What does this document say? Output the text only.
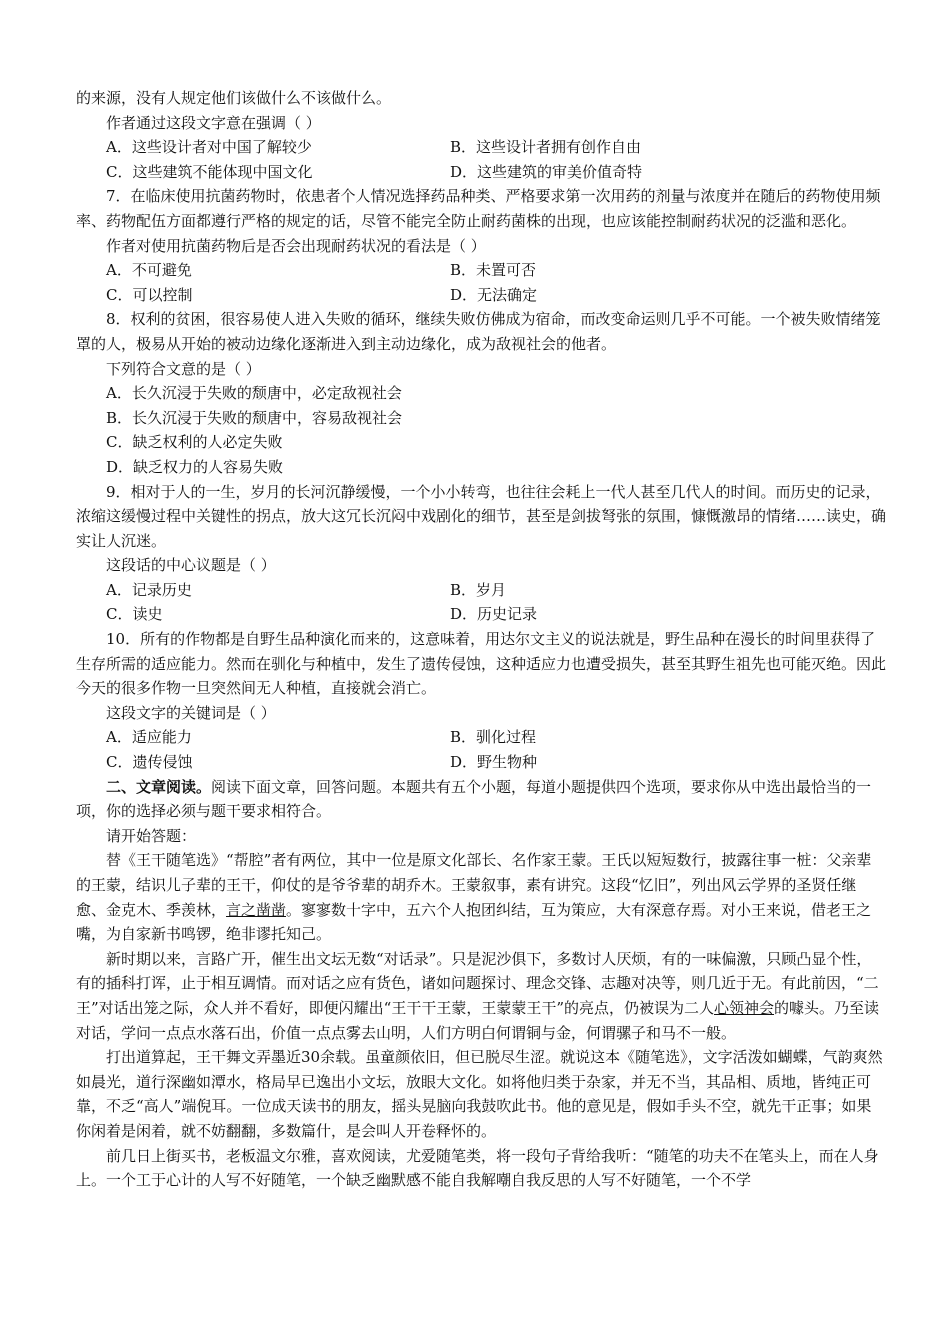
的来源，没有人规定他们该做什么不该做什么。

作者通过这段文字意在强调（ ）

A．这些设计者对中国了解较少	B．这些设计者拥有创作自由
C．这些建筑不能体现中国文化	D．这些建筑的审美价值奇特

7．在临床使用抗菌药物时，依患者个人情况选择药品种类、严格要求第一次用药的剂量与浓度并在随后的药物使用频率、药物配伍方面都遵行严格的规定的话，尽管不能完全防止耐药菌株的出现，也应该能控制耐药状况的泛滥和恶化。

作者对使用抗菌药物后是否会出现耐药状况的看法是（ ）

A．不可避免	B．未置可否
C．可以控制	D．无法确定

8．权利的贫困，很容易使人进入失败的循环，继续失败仿佛成为宿命，而改变命运则几乎不可能。一个被失败情绪笼罩的人，极易从开始的被动边缘化逐渐进入到主动边缘化，成为敌视社会的他者。

下列符合文意的是（ ）

A．长久沉浸于失败的颓唐中，必定敌视社会
B．长久沉浸于失败的颓唐中，容易敌视社会
C．缺乏权利的人必定失败
D．缺乏权力的人容易失败

9．相对于人的一生，岁月的长河沉静缓慢，一个小小转弯，也往往会耗上一代人甚至几代人的时间。而历史的记录，浓缩这缓慢过程中关键性的拐点，放大这冗长沉闷中戏剧化的细节，甚至是剑拔弩张的氛围，慷慨激昂的情绪……读史，确实让人沉迷。

这段话的中心议题是（ ）

A．记录历史	B．岁月
C．读史	D．历史记录

10．所有的作物都是自野生品种演化而来的，这意味着，用达尔文主义的说法就是，野生品种在漫长的时间里获得了生存所需的适应能力。然而在驯化与种植中，发生了遗传侵蚀，这种适应力也遭受损失，甚至其野生祖先也可能灭绝。因此今天的很多作物一旦突然间无人种植，直接就会消亡。

这段文字的关键词是（ ）

A．适应能力	B．驯化过程
C．遗传侵蚀	D．野生物种

二、文章阅读。阅读下面文章，回答问题。本题共有五个小题，每道小题提供四个选项，要求你从中选出最恰当的一项，你的选择必须与题干要求相符合。

请开始答题：

替《王干随笔选》“帮腔”者有两位，其中一位是原文化部长、名作家王蒙。王氏以短短数行，披露往事一桩：父亲辈的王蒙，结识儿子辈的王干，仰仗的是爷爷辈的胡乔木。王蒙叙事，素有讲究。这段“忆旧”，列出风云学界的圣贤任继愈、金克木、季羡林，言之凿凿。寥寥数十字中，五六个人抱团纠结，互为策应，大有深意存焉。对小王来说，借老王之嘴，为自家新书鸣锣，绝非谬托知己。

新时期以来，言路广开，催生出文坛无数“对话录”。只是泥沙俱下，多数讨人厌烦，有的一味偏激，只顾凸显个性，有的插科打诨，止于相互调情。而对话之应有货色，诸如问题探讨、理念交锋、志趣对决等，则几近于无。有此前因，“二王”对话出笼之际，众人并不看好，即便闪耀出“王干干王蒙，王蒙蒙王干”的亮点，仍被误为二人心领神会的噱头。乃至读对话，学问一点点水落石出，价值一点点雾去山明，人们方明白何谓铜与金，何谓骡子和马不一般。

打出道算起，王干舞文弄墨近30余载。虽童颜依旧，但已脱尽生涩。就说这本《随笔选》，文字活泼如蝴蝶，气韵爽然如晨光，道行深幽如潭水，格局早已逸出小文坛，放眼大文化。如将他归类于杂家，并无不当，其品相、质地，皆纯正可靠，不乏“高人”端倪耳。一位成天读书的朋友，摇头晃脑向我鼓吹此书。他的意见是，假如手头不空，就先干正事；如果你闲着是闲着，就不妨翻翻，多数篇什，是会叫人开卷释怀的。

前几日上街买书，老板温文尔雅，喜欢阅读，尤爱随笔类，将一段句子背给我听：“随笔的功夫不在笔头上，而在人身上。一个工于心计的人写不好随笔，一个缺乏幽默感不能自我解嘲自我反思的人写不好随笔，一个不学
